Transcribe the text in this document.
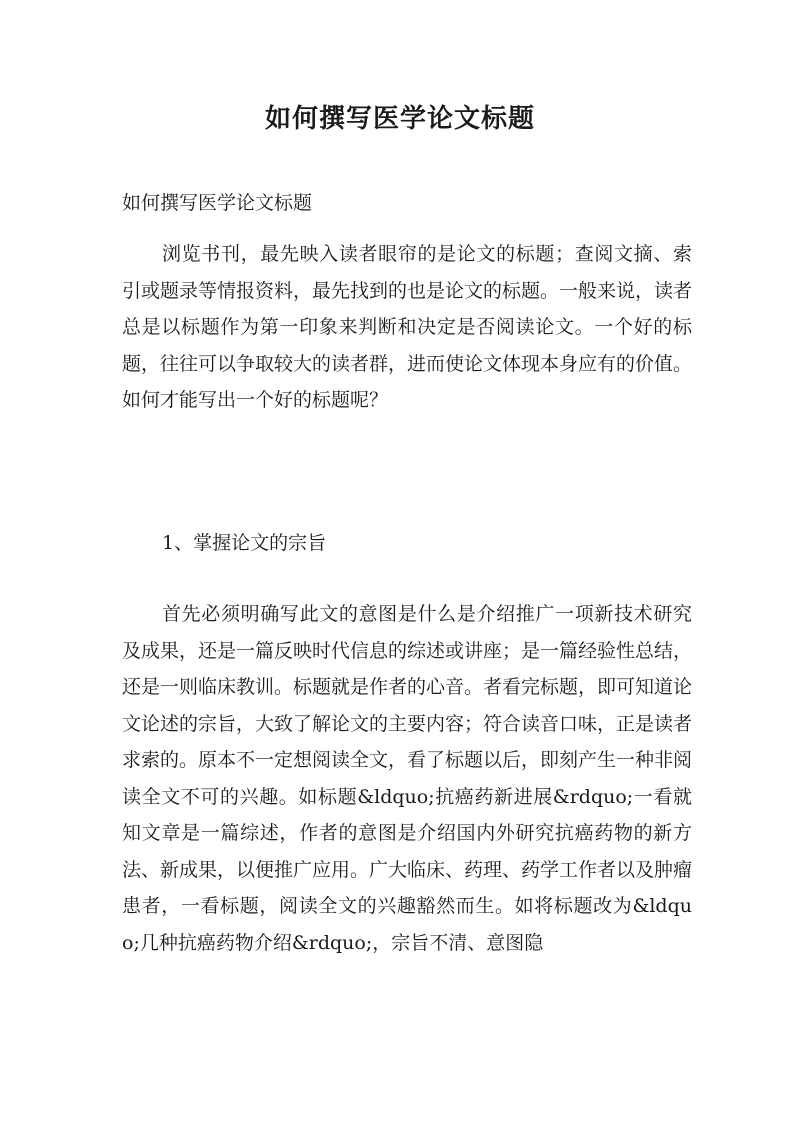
如何撰写医学论文标题

如何撰写医学论文标题

浏览书刊，最先映入读者眼帘的是论文的标题；查阅文摘、索引或题录等情报资料，最先找到的也是论文的标题。一般来说，读者总是以标题作为第一印象来判断和决定是否阅读论文。一个好的标题，往往可以争取较大的读者群，进而使论文体现本身应有的价值。如何才能写出一个好的标题呢？

1、掌握论文的宗旨

首先必须明确写此文的意图是什么是介绍推广一项新技术研究及成果，还是一篇反映时代信息的综述或讲座；是一篇经验性总结，还是一则临床教训。标题就是作者的心音。者看完标题，即可知道论文论述的宗旨，大致了解论文的主要内容；符合读音口味，正是读者求索的。原本不一定想阅读全文，看了标题以后，即刻产生一种非阅读全文不可的兴趣。如标题&ldquo;抗癌药新进展&rdquo;一看就知文章是一篇综述，作者的意图是介绍国内外研究抗癌药物的新方法、新成果，以便推广应用。广大临床、药理、药学工作者以及肿瘤患者，一看标题，阅读全文的兴趣豁然而生。如将标题改为&ldquo;几种抗癌药物介绍&rdquo;，宗旨不清、意图隐
